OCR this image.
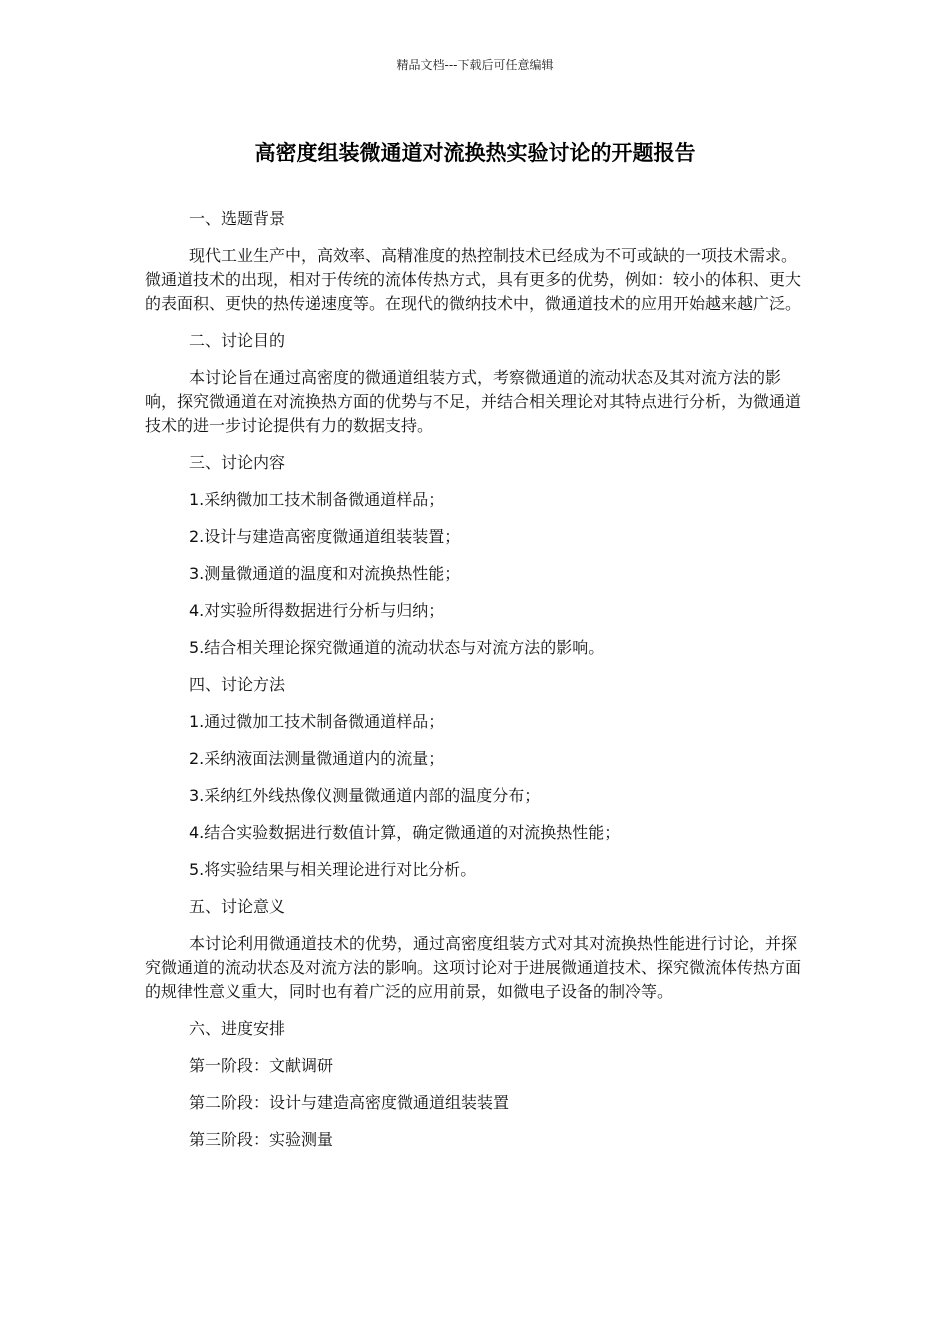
精品文档---下载后可任意编辑
高密度组装微通道对流换热实验讨论的开题报告
一、选题背景
现代工业生产中，高效率、高精准度的热控制技术已经成为不可或缺的一项技术需求。微通道技术的出现，相对于传统的流体传热方式，具有更多的优势，例如：较小的体积、更大的表面积、更快的热传递速度等。在现代的微纳技术中，微通道技术的应用开始越来越广泛。
二、讨论目的
本讨论旨在通过高密度的微通道组装方式，考察微通道的流动状态及其对流方法的影响，探究微通道在对流换热方面的优势与不足，并结合相关理论对其特点进行分析，为微通道技术的进一步讨论提供有力的数据支持。
三、讨论内容
1.采纳微加工技术制备微通道样品；
2.设计与建造高密度微通道组装装置；
3.测量微通道的温度和对流换热性能；
4.对实验所得数据进行分析与归纳；
5.结合相关理论探究微通道的流动状态与对流方法的影响。
四、讨论方法
1.通过微加工技术制备微通道样品；
2.采纳液面法测量微通道内的流量；
3.采纳红外线热像仪测量微通道内部的温度分布；
4.结合实验数据进行数值计算，确定微通道的对流换热性能；
5.将实验结果与相关理论进行对比分析。
五、讨论意义
本讨论利用微通道技术的优势，通过高密度组装方式对其对流换热性能进行讨论，并探究微通道的流动状态及对流方法的影响。这项讨论对于进展微通道技术、探究微流体传热方面的规律性意义重大，同时也有着广泛的应用前景，如微电子设备的制冷等。
六、进度安排
第一阶段：文献调研
第二阶段：设计与建造高密度微通道组装装置
第三阶段：实验测量
